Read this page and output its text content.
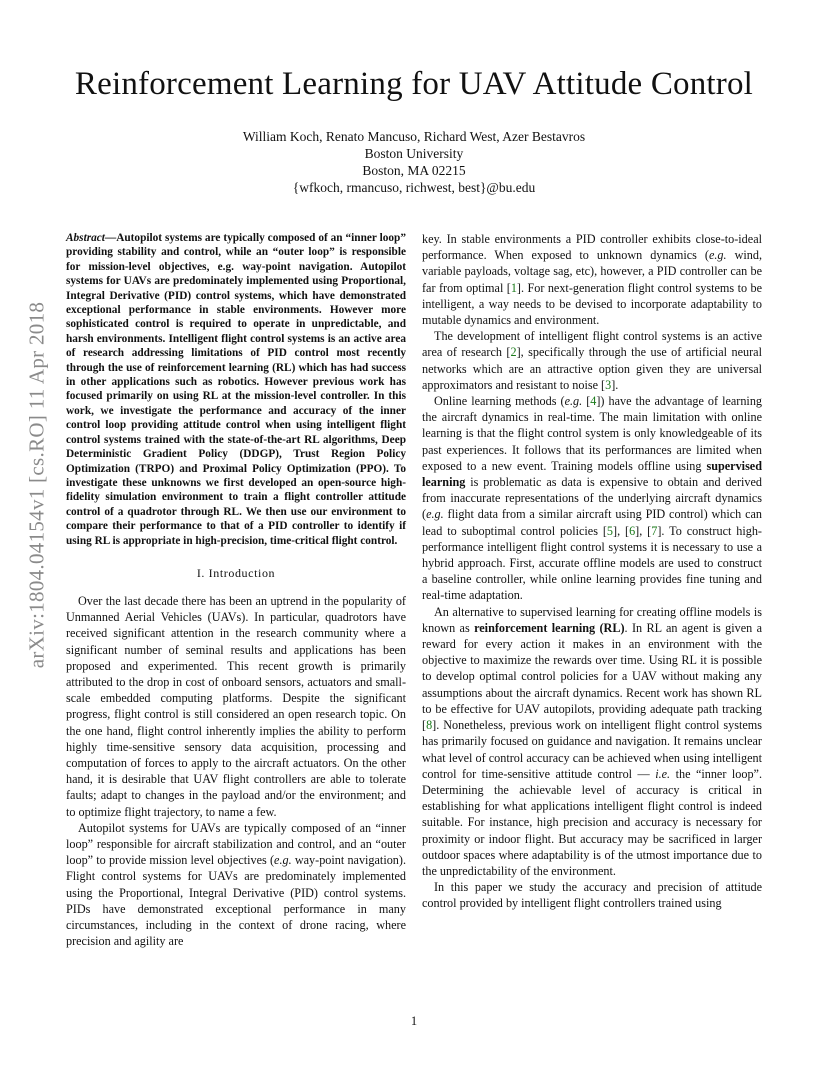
arXiv:1804.04154v1 [cs.RO] 11 Apr 2018
Reinforcement Learning for UAV Attitude Control
William Koch, Renato Mancuso, Richard West, Azer Bestavros
Boston University
Boston, MA 02215
{wfkoch, rmancuso, richwest, best}@bu.edu

Abstract—Autopilot systems are typically composed of an “inner loop” providing stability and control, while an “outer loop” is responsible for mission-level objectives, e.g. way-point navigation. Autopilot systems for UAVs are predominately implemented using Proportional, Integral Derivative (PID) control systems, which have demonstrated exceptional performance in stable environments. However more sophisticated control is required to operate in unpredictable, and harsh environments. Intelligent flight control systems is an active area of research addressing limitations of PID control most recently through the use of reinforcement learning (RL) which has had success in other applications such as robotics. However previous work has focused primarily on using RL at the mission-level controller. In this work, we investigate the performance and accuracy of the inner control loop providing attitude control when using intelligent flight control systems trained with the state-of-the-art RL algorithms, Deep Deterministic Gradient Policy (DDGP), Trust Region Policy Optimization (TRPO) and Proximal Policy Optimization (PPO). To investigate these unknowns we first developed an open-source high-fidelity simulation environment to train a flight controller attitude control of a quadrotor through RL. We then use our environment to compare their performance to that of a PID controller to identify if using RL is appropriate in high-precision, time-critical flight control.

I. Introduction

Over the last decade there has been an uptrend in the popularity of Unmanned Aerial Vehicles (UAVs). In particular, quadrotors have received significant attention in the research community where a significant number of seminal results and applications has been proposed and experimented. This recent growth is primarily attributed to the drop in cost of onboard sensors, actuators and small-scale embedded computing platforms. Despite the significant progress, flight control is still considered an open research topic. On the one hand, flight control inherently implies the ability to perform highly time-sensitive sensory data acquisition, processing and computation of forces to apply to the aircraft actuators. On the other hand, it is desirable that UAV flight controllers are able to tolerate faults; adapt to changes in the payload and/or the environment; and to optimize flight trajectory, to name a few.

Autopilot systems for UAVs are typically composed of an “inner loop” responsible for aircraft stabilization and control, and an “outer loop” to provide mission level objectives (e.g. way-point navigation). Flight control systems for UAVs are predominately implemented using the Proportional, Integral Derivative (PID) control systems. PIDs have demonstrated exceptional performance in many circumstances, including in the context of drone racing, where precision and agility are

key. In stable environments a PID controller exhibits close-to-ideal performance. When exposed to unknown dynamics (e.g. wind, variable payloads, voltage sag, etc), however, a PID controller can be far from optimal [1]. For next-generation flight control systems to be intelligent, a way needs to be devised to incorporate adaptability to mutable dynamics and environment.

The development of intelligent flight control systems is an active area of research [2], specifically through the use of artificial neural networks which are an attractive option given they are universal approximators and resistant to noise [3].

Online learning methods (e.g. [4]) have the advantage of learning the aircraft dynamics in real-time. The main limitation with online learning is that the flight control system is only knowledgeable of its past experiences. It follows that its performances are limited when exposed to a new event. Training models offline using supervised learning is problematic as data is expensive to obtain and derived from inaccurate representations of the underlying aircraft dynamics (e.g. flight data from a similar aircraft using PID control) which can lead to suboptimal control policies [5], [6], [7]. To construct high-performance intelligent flight control systems it is necessary to use a hybrid approach. First, accurate offline models are used to construct a baseline controller, while online learning provides fine tuning and real-time adaptation.

An alternative to supervised learning for creating offline models is known as reinforcement learning (RL). In RL an agent is given a reward for every action it makes in an environment with the objective to maximize the rewards over time. Using RL it is possible to develop optimal control policies for a UAV without making any assumptions about the aircraft dynamics. Recent work has shown RL to be effective for UAV autopilots, providing adequate path tracking [8]. Nonetheless, previous work on intelligent flight control systems has primarily focused on guidance and navigation. It remains unclear what level of control accuracy can be achieved when using intelligent control for time-sensitive attitude control — i.e. the “inner loop”. Determining the achievable level of accuracy is critical in establishing for what applications intelligent flight control is indeed suitable. For instance, high precision and accuracy is necessary for proximity or indoor flight. But accuracy may be sacrificed in larger outdoor spaces where adaptability is of the utmost importance due to the unpredictability of the environment.

In this paper we study the accuracy and precision of attitude control provided by intelligent flight controllers trained using

1
